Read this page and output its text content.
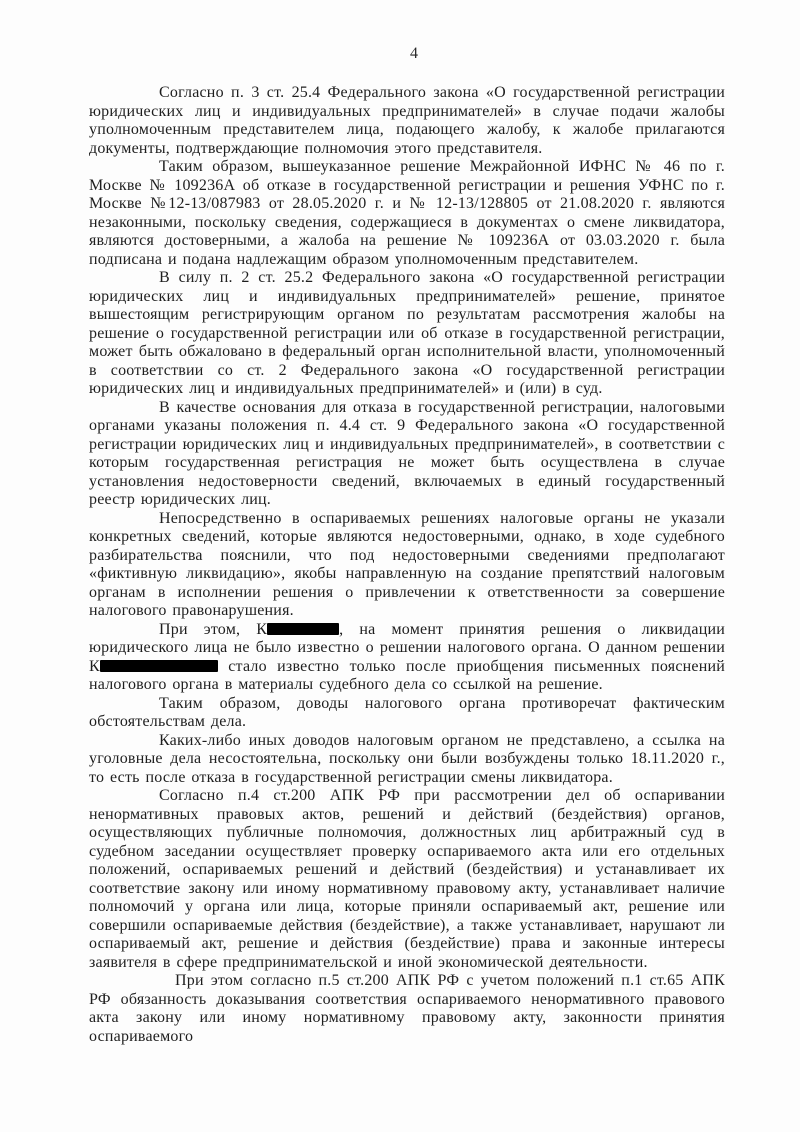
4

Согласно п. 3 ст. 25.4 Федерального закона «О государственной регистрации юридических лиц и индивидуальных предпринимателей» в случае подачи жалобы уполномоченным представителем лица, подающего жалобу, к жалобе прилагаются документы, подтверждающие полномочия этого представителя.

Таким образом, вышеуказанное решение Межрайонной ИФНС № 46 по г. Москве № 109236А об отказе в государственной регистрации и решения УФНС по г. Москве №12-13/087983 от 28.05.2020 г. и № 12-13/128805 от 21.08.2020 г. являются незаконными, поскольку сведения, содержащиеся в документах о смене ликвидатора, являются достоверными, а жалоба на решение № 109236А от 03.03.2020 г. была подписана и подана надлежащим образом уполномоченным представителем.

В силу п. 2 ст. 25.2 Федерального закона «О государственной регистрации юридических лиц и индивидуальных предпринимателей» решение, принятое вышестоящим регистрирующим органом по результатам рассмотрения жалобы на решение о государственной регистрации или об отказе в государственной регистрации, может быть обжаловано в федеральный орган исполнительной власти, уполномоченный в соответствии со ст. 2 Федерального закона «О государственной регистрации юридических лиц и индивидуальных предпринимателей» и (или) в суд.

В качестве основания для отказа в государственной регистрации, налоговыми органами указаны положения п. 4.4 ст. 9 Федерального закона «О государственной регистрации юридических лиц и индивидуальных предпринимателей», в соответствии с которым государственная регистрация не может быть осуществлена в случае установления недостоверности сведений, включаемых в единый государственный реестр юридических лиц.

Непосредственно в оспариваемых решениях налоговые органы не указали конкретных сведений, которые являются недостоверными, однако, в ходе судебного разбирательства пояснили, что под недостоверными сведениями предполагают «фиктивную ликвидацию», якобы направленную на создание препятствий налоговым органам в исполнении решения о привлечении к ответственности за совершение налогового правонарушения.

При этом, К	, на момент принятия решения о ликвидации юридического лица не было известно о решении налогового органа. О данном решении К	стало известно только после приобщения письменных пояснений налогового органа в материалы судебного дела со ссылкой на решение.

Таким образом, доводы налогового органа противоречат фактическим обстоятельствам дела.

Каких-либо иных доводов налоговым органом не представлено, а ссылка на уголовные дела несостоятельна, поскольку они были возбуждены только 18.11.2020 г., то есть после отказа в государственной регистрации смены ликвидатора.

Согласно п.4 ст.200 АПК РФ при рассмотрении дел об оспаривании ненормативных правовых актов, решений и действий (бездействия) органов, осуществляющих публичные полномочия, должностных лиц арбитражный суд в судебном заседании осуществляет проверку оспариваемого акта или его отдельных положений, оспариваемых решений и действий (бездействия) и устанавливает их соответствие закону или иному нормативному правовому акту, устанавливает наличие полномочий у органа или лица, которые приняли оспариваемый акт, решение или совершили оспариваемые действия (бездействие), а также устанавливает, нарушают ли оспариваемый акт, решение и действия (бездействие) права и законные интересы заявителя в сфере предпринимательской и иной экономической деятельности.

При этом согласно п.5 ст.200 АПК РФ с учетом положений п.1 ст.65 АПК РФ обязанность доказывания соответствия оспариваемого ненормативного правового акта закону или иному нормативному правовому акту, законности принятия оспариваемого
